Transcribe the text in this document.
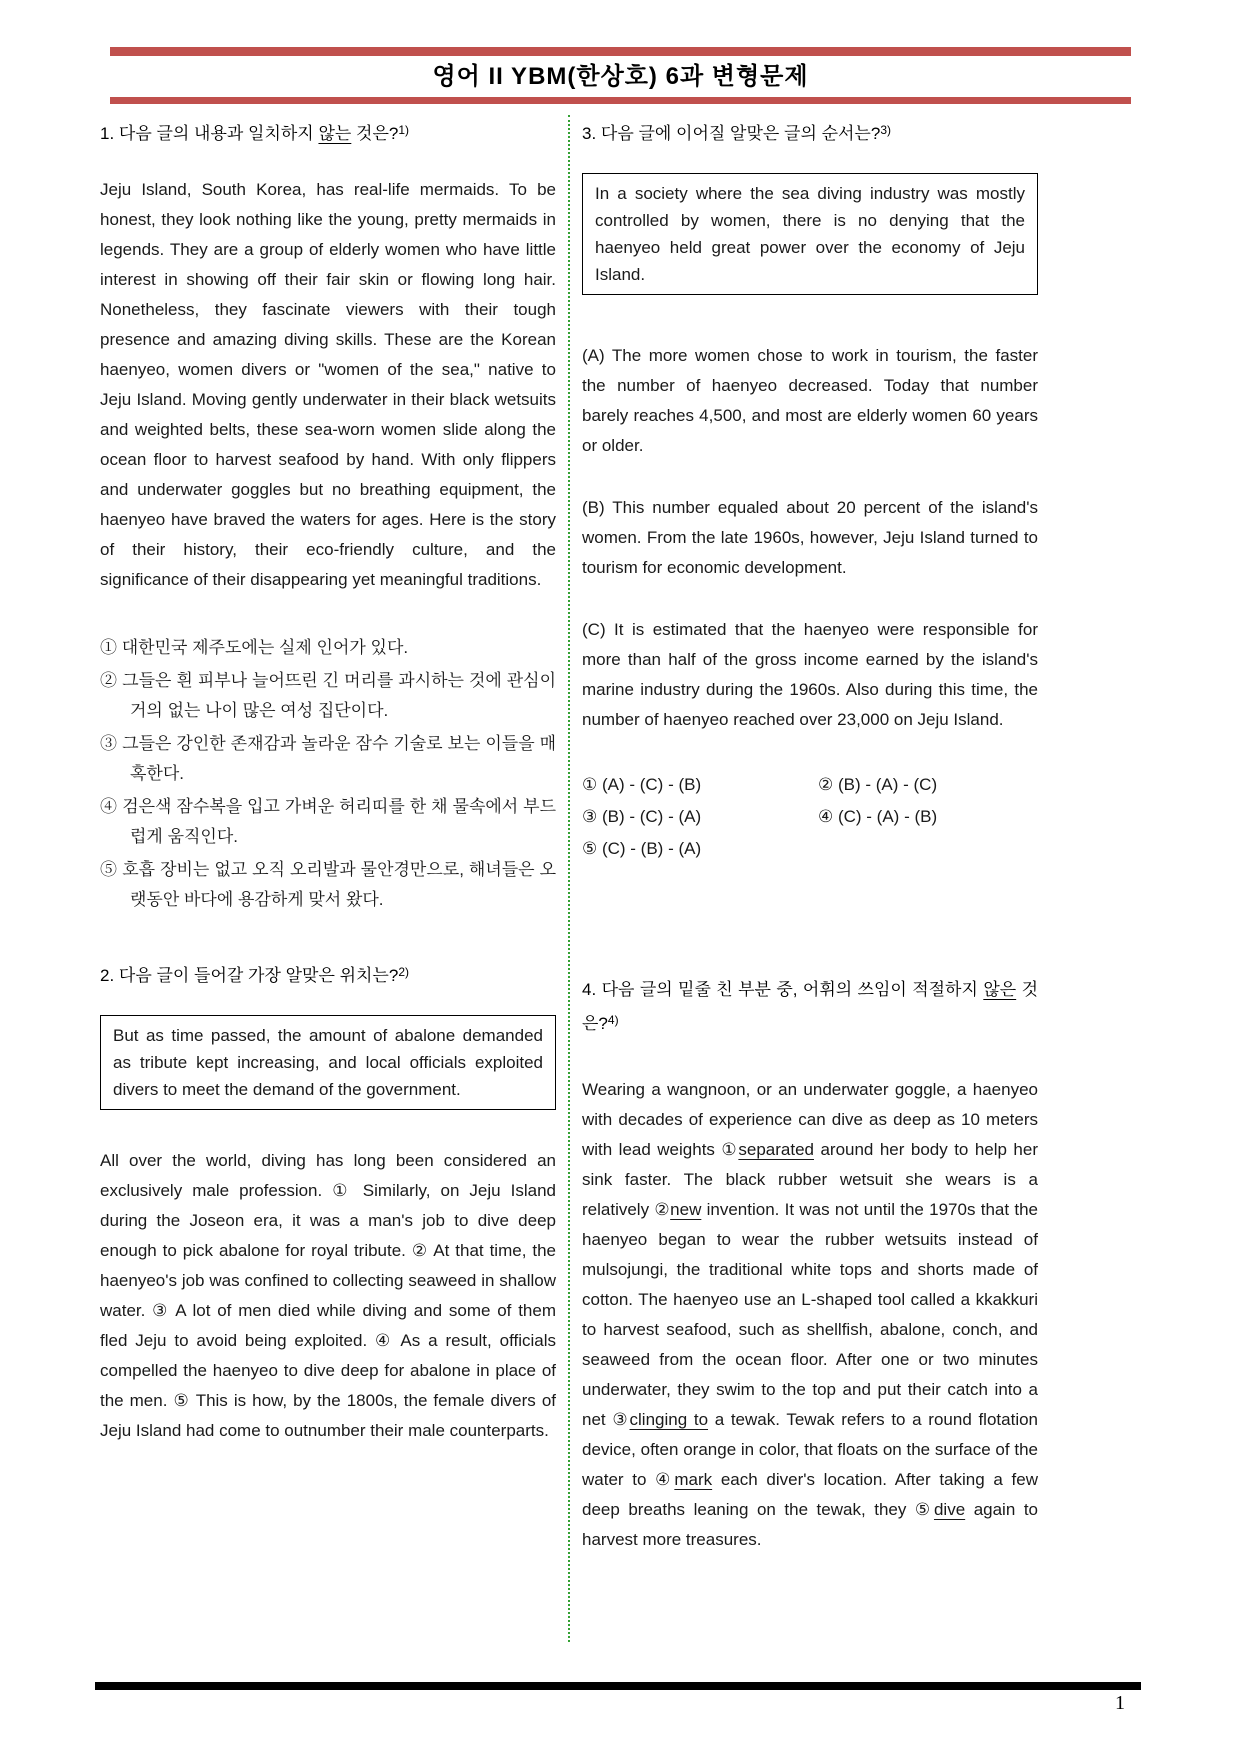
영어 II YBM(한상호) 6과 변형문제
1. 다음 글의 내용과 일치하지 않는 것은?$^{1)}$

Jeju Island, South Korea, has real-life mermaids. To be honest, they look nothing like the young, pretty mermaids in legends. They are a group of elderly women who have little interest in showing off their fair skin or flowing long hair. Nonetheless, they fascinate viewers with their tough presence and amazing diving skills. These are the Korean haenyeo, women divers or "women of the sea," native to Jeju Island. Moving gently underwater in their black wetsuits and weighted belts, these sea-worn women slide along the ocean floor to harvest seafood by hand. With only flippers and underwater goggles but no breathing equipment, the haenyeo have braved the waters for ages. Here is the story of their history, their eco-friendly culture, and the significance of their disappearing yet meaningful traditions.

① 대한민국 제주도에는 실제 인어가 있다.
② 그들은 흰 피부나 늘어뜨린 긴 머리를 과시하는 것에 관심이 거의 없는 나이 많은 여성 집단이다.
③ 그들은 강인한 존재감과 놀라운 잠수 기술로 보는 이들을 매혹한다.
④ 검은색 잠수복을 입고 가벼운 허리띠를 한 채 물속에서 부드럽게 움직인다.
⑤ 호흡 장비는 없고 오직 오리발과 물안경만으로, 해녀들은 오랫동안 바다에 용감하게 맞서 왔다.
2. 다음 글이 들어갈 가장 알맞은 위치는?$^{2)}$
But as time passed, the amount of abalone demanded as tribute kept increasing, and local officials exploited divers to meet the demand of the government.

All over the world, diving has long been considered an exclusively male profession. ① Similarly, on Jeju Island during the Joseon era, it was a man's job to dive deep enough to pick abalone for royal tribute. ② At that time, the haenyeo's job was confined to collecting seaweed in shallow water. ③ A lot of men died while diving and some of them fled Jeju to avoid being exploited. ④ As a result, officials compelled the haenyeo to dive deep for abalone in place of the men. ⑤ This is how, by the 1800s, the female divers of Jeju Island had come to outnumber their male counterparts.

3. 다음 글에 이어질 알맞은 글의 순서는?$^{3)}$
In a society where the sea diving industry was mostly controlled by women, there is no denying that the haenyeo held great power over the economy of Jeju Island.
(A) The more women chose to work in tourism, the faster the number of haenyeo decreased. Today that number barely reaches 4,500, and most are elderly women 60 years or older.
(B) This number equaled about 20 percent of the island's women. From the late 1960s, however, Jeju Island turned to tourism for economic development.
(C) It is estimated that the haenyeo were responsible for more than half of the gross income earned by the island's marine industry during the 1960s. Also during this time, the number of haenyeo reached over 23,000 on Jeju Island.
① (A) - (C) - (B)	② (B) - (A) - (C)
③ (B) - (C) - (A)	④ (C) - (A) - (B)
⑤ (C) - (B) - (A)
4. 다음 글의 밑줄 친 부분 중, 어휘의 쓰임이 적절하지 않은 것은?$^{4)}$

Wearing a wangnoon, or an underwater goggle, a haenyeo with decades of experience can dive as deep as 10 meters with lead weights ①separated around her body to help her sink faster. The black rubber wetsuit she wears is a relatively ②new invention. It was not until the 1970s that the haenyeo began to wear the rubber wetsuits instead of mulsojungi, the traditional white tops and shorts made of cotton. The haenyeo use an L-shaped tool called a kkakkuri to harvest seafood, such as shellfish, abalone, conch, and seaweed from the ocean floor. After one or two minutes underwater, they swim to the top and put their catch into a net ③clinging to a tewak. Tewak refers to a round flotation device, often orange in color, that floats on the surface of the water to ④mark each diver's location. After taking a few deep breaths leaning on the tewak, they ⑤dive again to harvest more treasures.

1
